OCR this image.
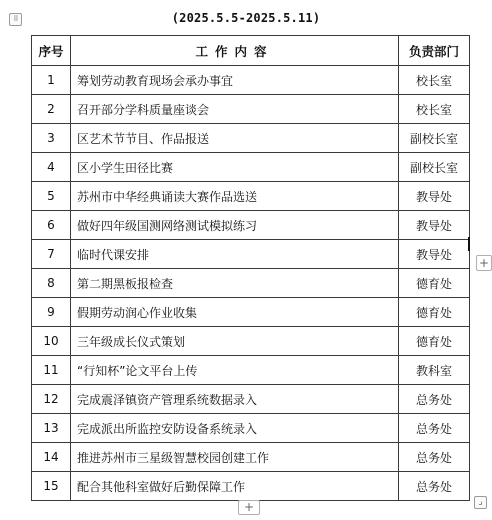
⠿	(2025.5.5-2025.5.11)
序号	工作内容	负责部门
1	筹划劳动教育现场会承办事宜	校长室
2	召开部分学科质量座谈会	校长室
3	区艺术节节目、作品报送	副校长室
4	区小学生田径比赛	副校长室
5	苏州市中华经典诵读大赛作品选送	教导处
6	做好四年级国测网络测试模拟练习	教导处
7	临时代课安排	教导处
8	第二期黑板报检查	德育处
9	假期劳动润心作业收集	德育处
10	三年级成长仪式策划	德育处
11	“行知杯”论文平台上传	教科室
12	完成震泽镇资产管理系统数据录入	总务处
13	完成派出所监控安防设备系统录入	总务处
14	推进苏州市三星级智慧校园创建工作	总务处
15	配合其他科室做好后勤保障工作	总务处
+
+	⌟
